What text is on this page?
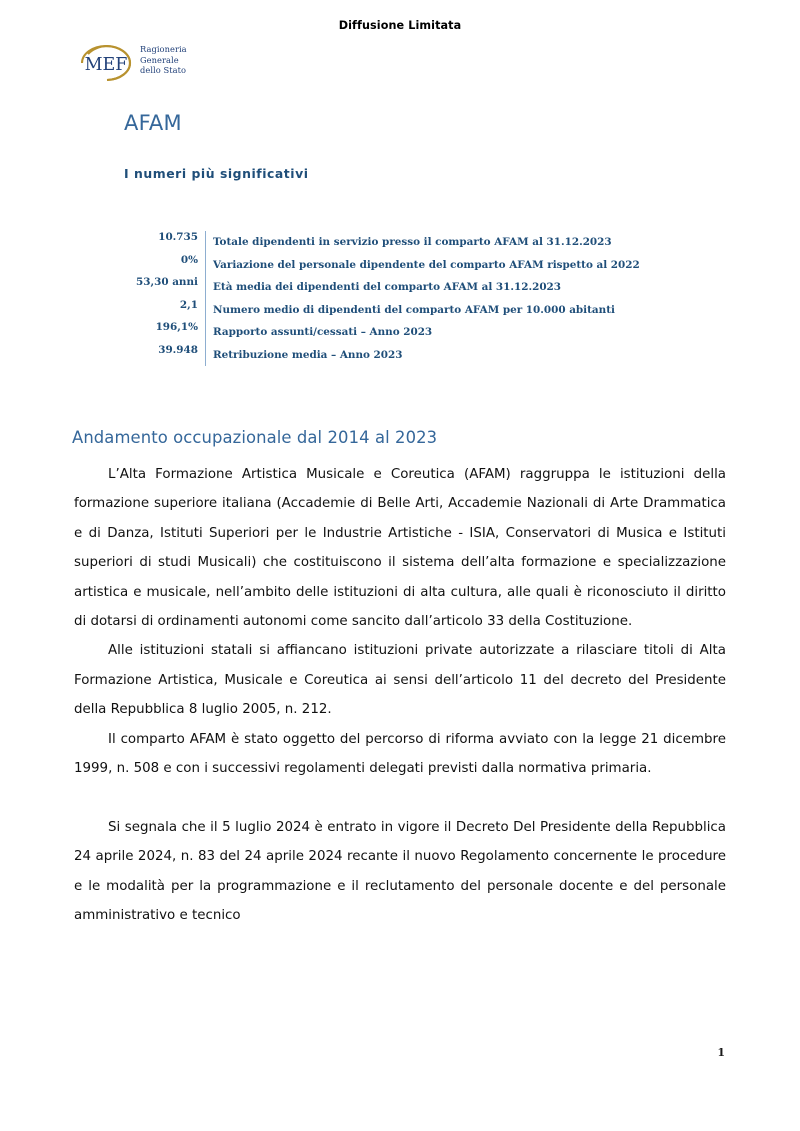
Diffusione Limitata
MEF
Ragioneria
Generale
dello Stato
AFAM
I numeri più significativi
10.735	Totale dipendenti in servizio presso il comparto AFAM al 31.12.2023
0%	Variazione del personale dipendente del comparto AFAM rispetto al 2022
53,30 anni	Età media dei dipendenti del comparto AFAM al 31.12.2023
2,1	Numero medio di dipendenti del comparto AFAM per 10.000 abitanti
196,1%	Rapporto assunti/cessati – Anno 2023
39.948	Retribuzione media – Anno 2023
Andamento occupazionale dal 2014 al 2023

L’Alta Formazione Artistica Musicale e Coreutica (AFAM) raggruppa le istituzioni della formazione superiore italiana (Accademie di Belle Arti, Accademie Nazionali di Arte Drammatica e di Danza, Istituti Superiori per le Industrie Artistiche - ISIA, Conservatori di Musica e Istituti superiori di studi Musicali) che costituiscono il sistema dell’alta formazione e specializzazione artistica e musicale, nell’ambito delle istituzioni di alta cultura, alle quali è riconosciuto il diritto di dotarsi di ordinamenti autonomi come sancito dall’articolo 33 della Costituzione.

Alle istituzioni statali si affiancano istituzioni private autorizzate a rilasciare titoli di Alta Formazione Artistica, Musicale e Coreutica ai sensi dell’articolo 11 del decreto del Presidente della Repubblica 8 luglio 2005, n. 212.

Il comparto AFAM è stato oggetto del percorso di riforma avviato con la legge 21 dicembre 1999, n. 508 e con i successivi regolamenti delegati previsti dalla normativa primaria.

Si segnala che il 5 luglio 2024 è entrato in vigore il Decreto Del Presidente della Repubblica 24 aprile 2024, n. 83 del 24 aprile 2024 recante il nuovo Regolamento concernente le procedure e le modalità per la programmazione e il reclutamento del personale docente e del personale amministrativo e tecnico

1
